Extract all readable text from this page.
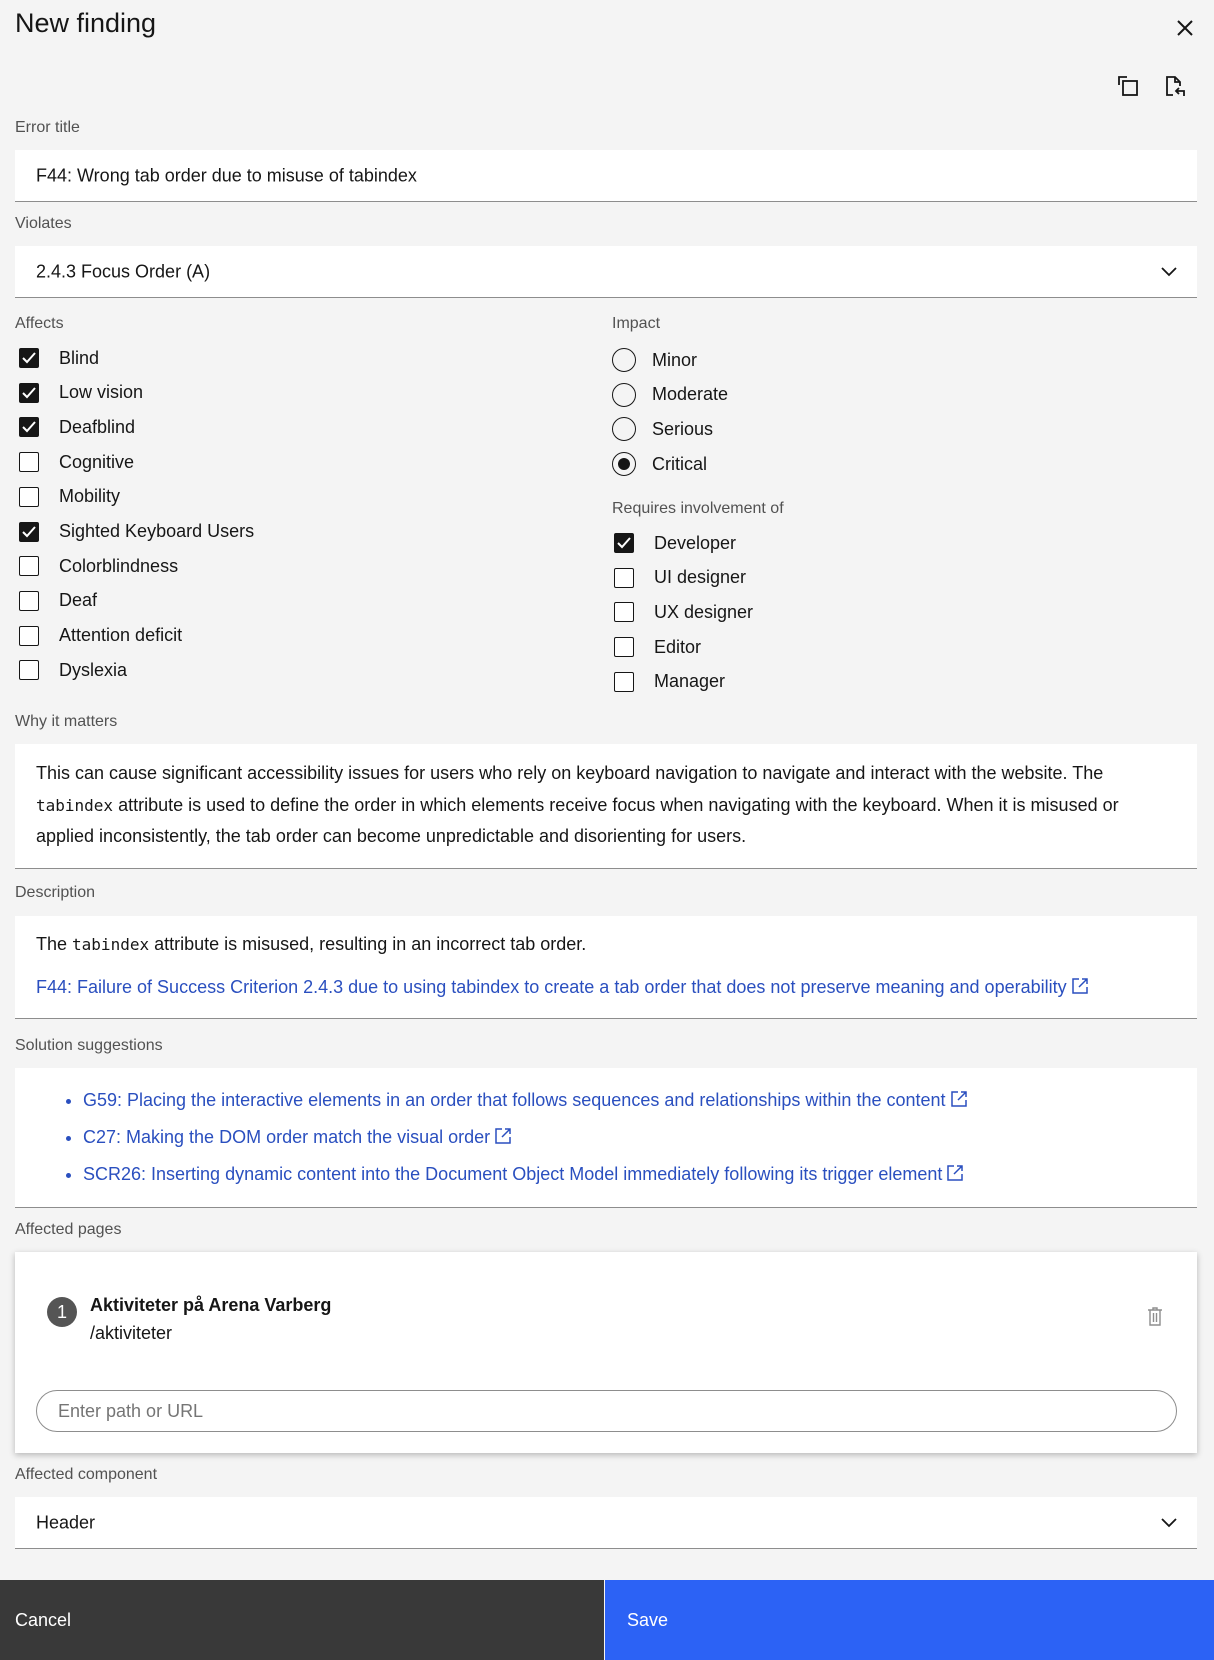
New finding
Error title
F44: Wrong tab order due to misuse of tabindex
Violates
2.4.3 Focus Order (A)
Affects
Blind
Low vision
Deafblind
Cognitive
Mobility
Sighted Keyboard Users
Colorblindness
Deaf
Attention deficit
Dyslexia
Impact
Minor
Moderate
Serious
Critical
Requires involvement of
Developer
UI designer
UX designer
Editor
Manager
Why it matters
This can cause significant accessibility issues for users who rely on keyboard navigation to navigate and interact with the website. The tabindex attribute is used to define the order in which elements receive focus when navigating with the keyboard. When it is misused or applied inconsistently, the tab order can become unpredictable and disorienting for users.
Description
The tabindex attribute is misused, resulting in an incorrect tab order.
F44: Failure of Success Criterion 2.4.3 due to using tabindex to create a tab order that does not preserve meaning and operability
Solution suggestions
• G59: Placing the interactive elements in an order that follows sequences and relationships within the content
• C27: Making the DOM order match the visual order
• SCR26: Inserting dynamic content into the Document Object Model immediately following its trigger element
Affected pages
1	Aktiviteter på Arena Varberg
/aktiviteter
Enter path or URL
Affected component
Header
Cancel	Save
